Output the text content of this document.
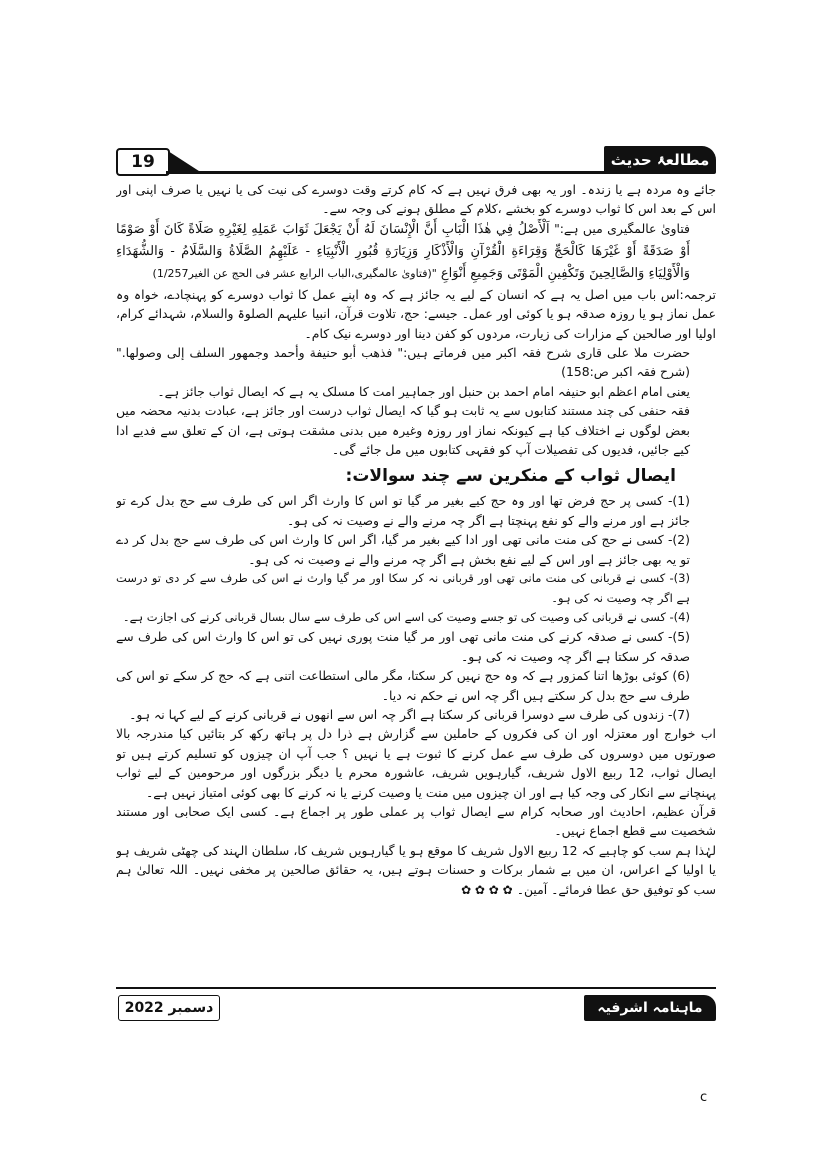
19	مطالعۂ حدیث

جائے وہ مردہ ہے یا زندہ۔ اور یہ بھی فرق نہیں ہے کہ کام کرتے وقت دوسرے کی نیت کی یا نہیں یا صرف اپنی اور اس کے بعد اس کا ثواب دوسرے کو بخشے ،کلام کے مطلق ہونے کی وجہ سے۔

فتاویٰ عالمگیری میں ہے:" اَلْأَصْلُ فِي هٰذَا الْبَابِ أَنَّ الْإِنْسَانَ لَهُ أَنْ يَجْعَلَ ثَوَابَ عَمَلِهِ لِغَيْرِهِ صَلَاةً كَانَ أَوْ صَوْمًا أَوْ صَدَقَةً أَوْ غَيْرَهَا كَالْحَجِّ وَقِرَاءَةِ الْقُرْآنِ وَالْأَذْكَارِ وَزِيَارَةِ قُبُورِ الْأَنْبِيَاءِ - عَلَيْهِمُ الصَّلَاةُ وَالسَّلَامُ - وَالشُّهَدَاءِ وَالْأَوْلِيَاءِ وَالصَّالِحِينَ وَتَكْفِينِ الْمَوْتَى وَجَمِيعِ أَنْوَاعِ "(فتاویٰ عالمگیری،الباب الرابع عشر فی الحج عن الغیر1/257)

ترجمہ:اس باب میں اصل یہ ہے کہ انسان کے لیے یہ جائز ہے کہ وہ اپنے عمل کا ثواب دوسرے کو پہنچادے، خواہ وہ عمل نماز ہو یا روزہ صدقہ ہو یا کوئی اور عمل۔ جیسے: حج، تلاوت قرآن، انبیا علیہم الصلوۃ والسلام، شہدائے کرام، اولیا اور صالحین کے مزارات کی زیارت، مردوں کو کفن دینا اور دوسرے نیک کام۔

حضرت ملا علی قاری شرح فقہ اکبر میں فرماتے ہیں:" فذهب أبو حنيفة وأحمد وجمهور السلف إلى وصولها."(شرح فقہ اکبر ص:158)

یعنی امام اعظم ابو حنیفہ امام احمد بن حنبل اور جماہیر امت کا مسلک یہ ہے کہ ایصال ثواب جائز ہے۔

فقہ حنفی کی چند مستند کتابوں سے یہ ثابت ہو گیا کہ ایصال ثواب درست اور جائز ہے، عبادت بدنیہ محضہ میں بعض لوگوں نے اختلاف کیا ہے کیونکہ نماز اور روزہ وغیرہ میں بدنی مشقت ہوتی ہے، ان کے تعلق سے فدیے ادا کیے جائیں، فدیوں کی تفصیلات آپ کو فقہی کتابوں میں مل جائے گی۔

ایصال ثواب کے منکرین سے چند سوالات:

(1)- کسی پر حج فرض تھا اور وہ حج کیے بغیر مر گیا تو اس کا وارث اگر اس کی طرف سے حج بدل کرے تو جائز ہے اور مرنے والے کو نفع پہنچتا ہے اگر چہ مرنے والے نے وصیت نہ کی ہو۔

(2)- کسی نے حج کی منت مانی تھی اور ادا کیے بغیر مر گیا، اگر اس کا وارث اس کی طرف سے حج بدل کر دے تو یہ بھی جائز ہے اور اس کے لیے نفع بخش ہے اگر چہ مرنے والے نے وصیت نہ کی ہو۔

(3)- کسی نے قربانی کی منت مانی تھی اور قربانی نہ کر سکا اور مر گیا وارث نے اس کی طرف سے کر دی تو درست ہے اگر چہ وصیت نہ کی ہو۔

(4)- کسی نے قربانی کی وصیت کی تو جسے وصیت کی اسے اس کی طرف سے سال بسال قربانی کرنے کی اجازت ہے۔

(5)- کسی نے صدقہ کرنے کی منت مانی تھی اور مر گیا منت پوری نہیں کی تو اس کا وارث اس کی طرف سے صدقہ کر سکتا ہے اگر چہ وصیت نہ کی ہو۔

(6) کوئی بوڑھا اتنا کمزور ہے کہ وہ حج نہیں کر سکتا، مگر مالی استطاعت اتنی ہے کہ حج کر سکے تو اس کی طرف سے حج بدل کر سکتے ہیں اگر چہ اس نے حکم نہ دیا۔

(7)- زندوں کی طرف سے دوسرا قربانی کر سکتا ہے اگر چہ اس سے انھوں نے قربانی کرنے کے لیے کہا نہ ہو۔

اب خوارج اور معتزلہ اور ان کی فکروں کے حاملین سے گزارش ہے ذرا دل پر ہاتھ رکھ کر بتائیں کیا مندرجہ بالا صورتوں میں دوسروں کی طرف سے عمل کرنے کا ثبوت ہے یا نہیں ؟ جب آپ ان چیزوں کو تسلیم کرتے ہیں تو ایصال ثواب، 12 ربیع الاول شریف، گیارہویں شریف، عاشورہ محرم یا دیگر بزرگوں اور مرحومین کے لیے ثواب پہنچانے سے انکار کی وجہ کیا ہے اور ان چیزوں میں منت یا وصیت کرنے یا نہ کرنے کا بھی کوئی امتیاز نہیں ہے۔

قرآن عظیم، احادیث اور صحابہ کرام سے ایصال ثواب پر عملی طور پر اجماع ہے۔ کسی ایک صحابی اور مستند شخصیت سے قطع اجماع نہیں۔

لہٰذا ہم سب کو چاہیے کہ 12 ربیع الاول شریف کا موقع ہو یا گیارہویں شریف کا، سلطان الہند کی چھٹی شریف ہو یا اولیا کے اعراس، ان میں بے شمار برکات و حسنات ہوتے ہیں، یہ حقائق صالحین پر مخفی نہیں۔ اللہ تعالیٰ ہم سب کو توفیق حق عطا فرمائے۔ آمین۔ ✿ ✿ ✿ ✿

دسمبر 2022	ماہنامہ اشرفیہ
c
